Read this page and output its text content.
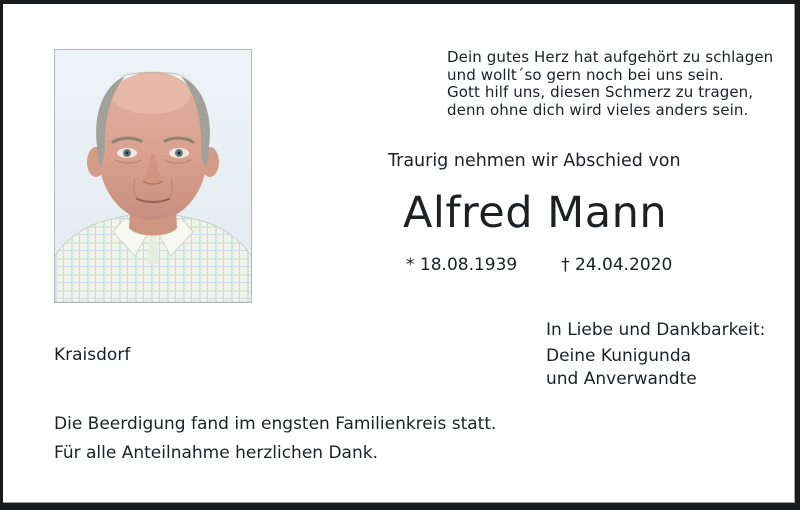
Dein gutes Herz hat aufgehört zu schlagen
und wollt´so gern noch bei uns sein.
Gott hilf uns, diesen Schmerz zu tragen,
denn ohne dich wird vieles anders sein.
Traurig nehmen wir Abschied von
Alfred Mann
* 18.08.1939	† 24.04.2020
In Liebe und Dankbarkeit:
Deine Kunigunda
und Anverwandte
Kraisdorf
Die Beerdigung fand im engsten Familienkreis statt.
Für alle Anteilnahme herzlichen Dank.
